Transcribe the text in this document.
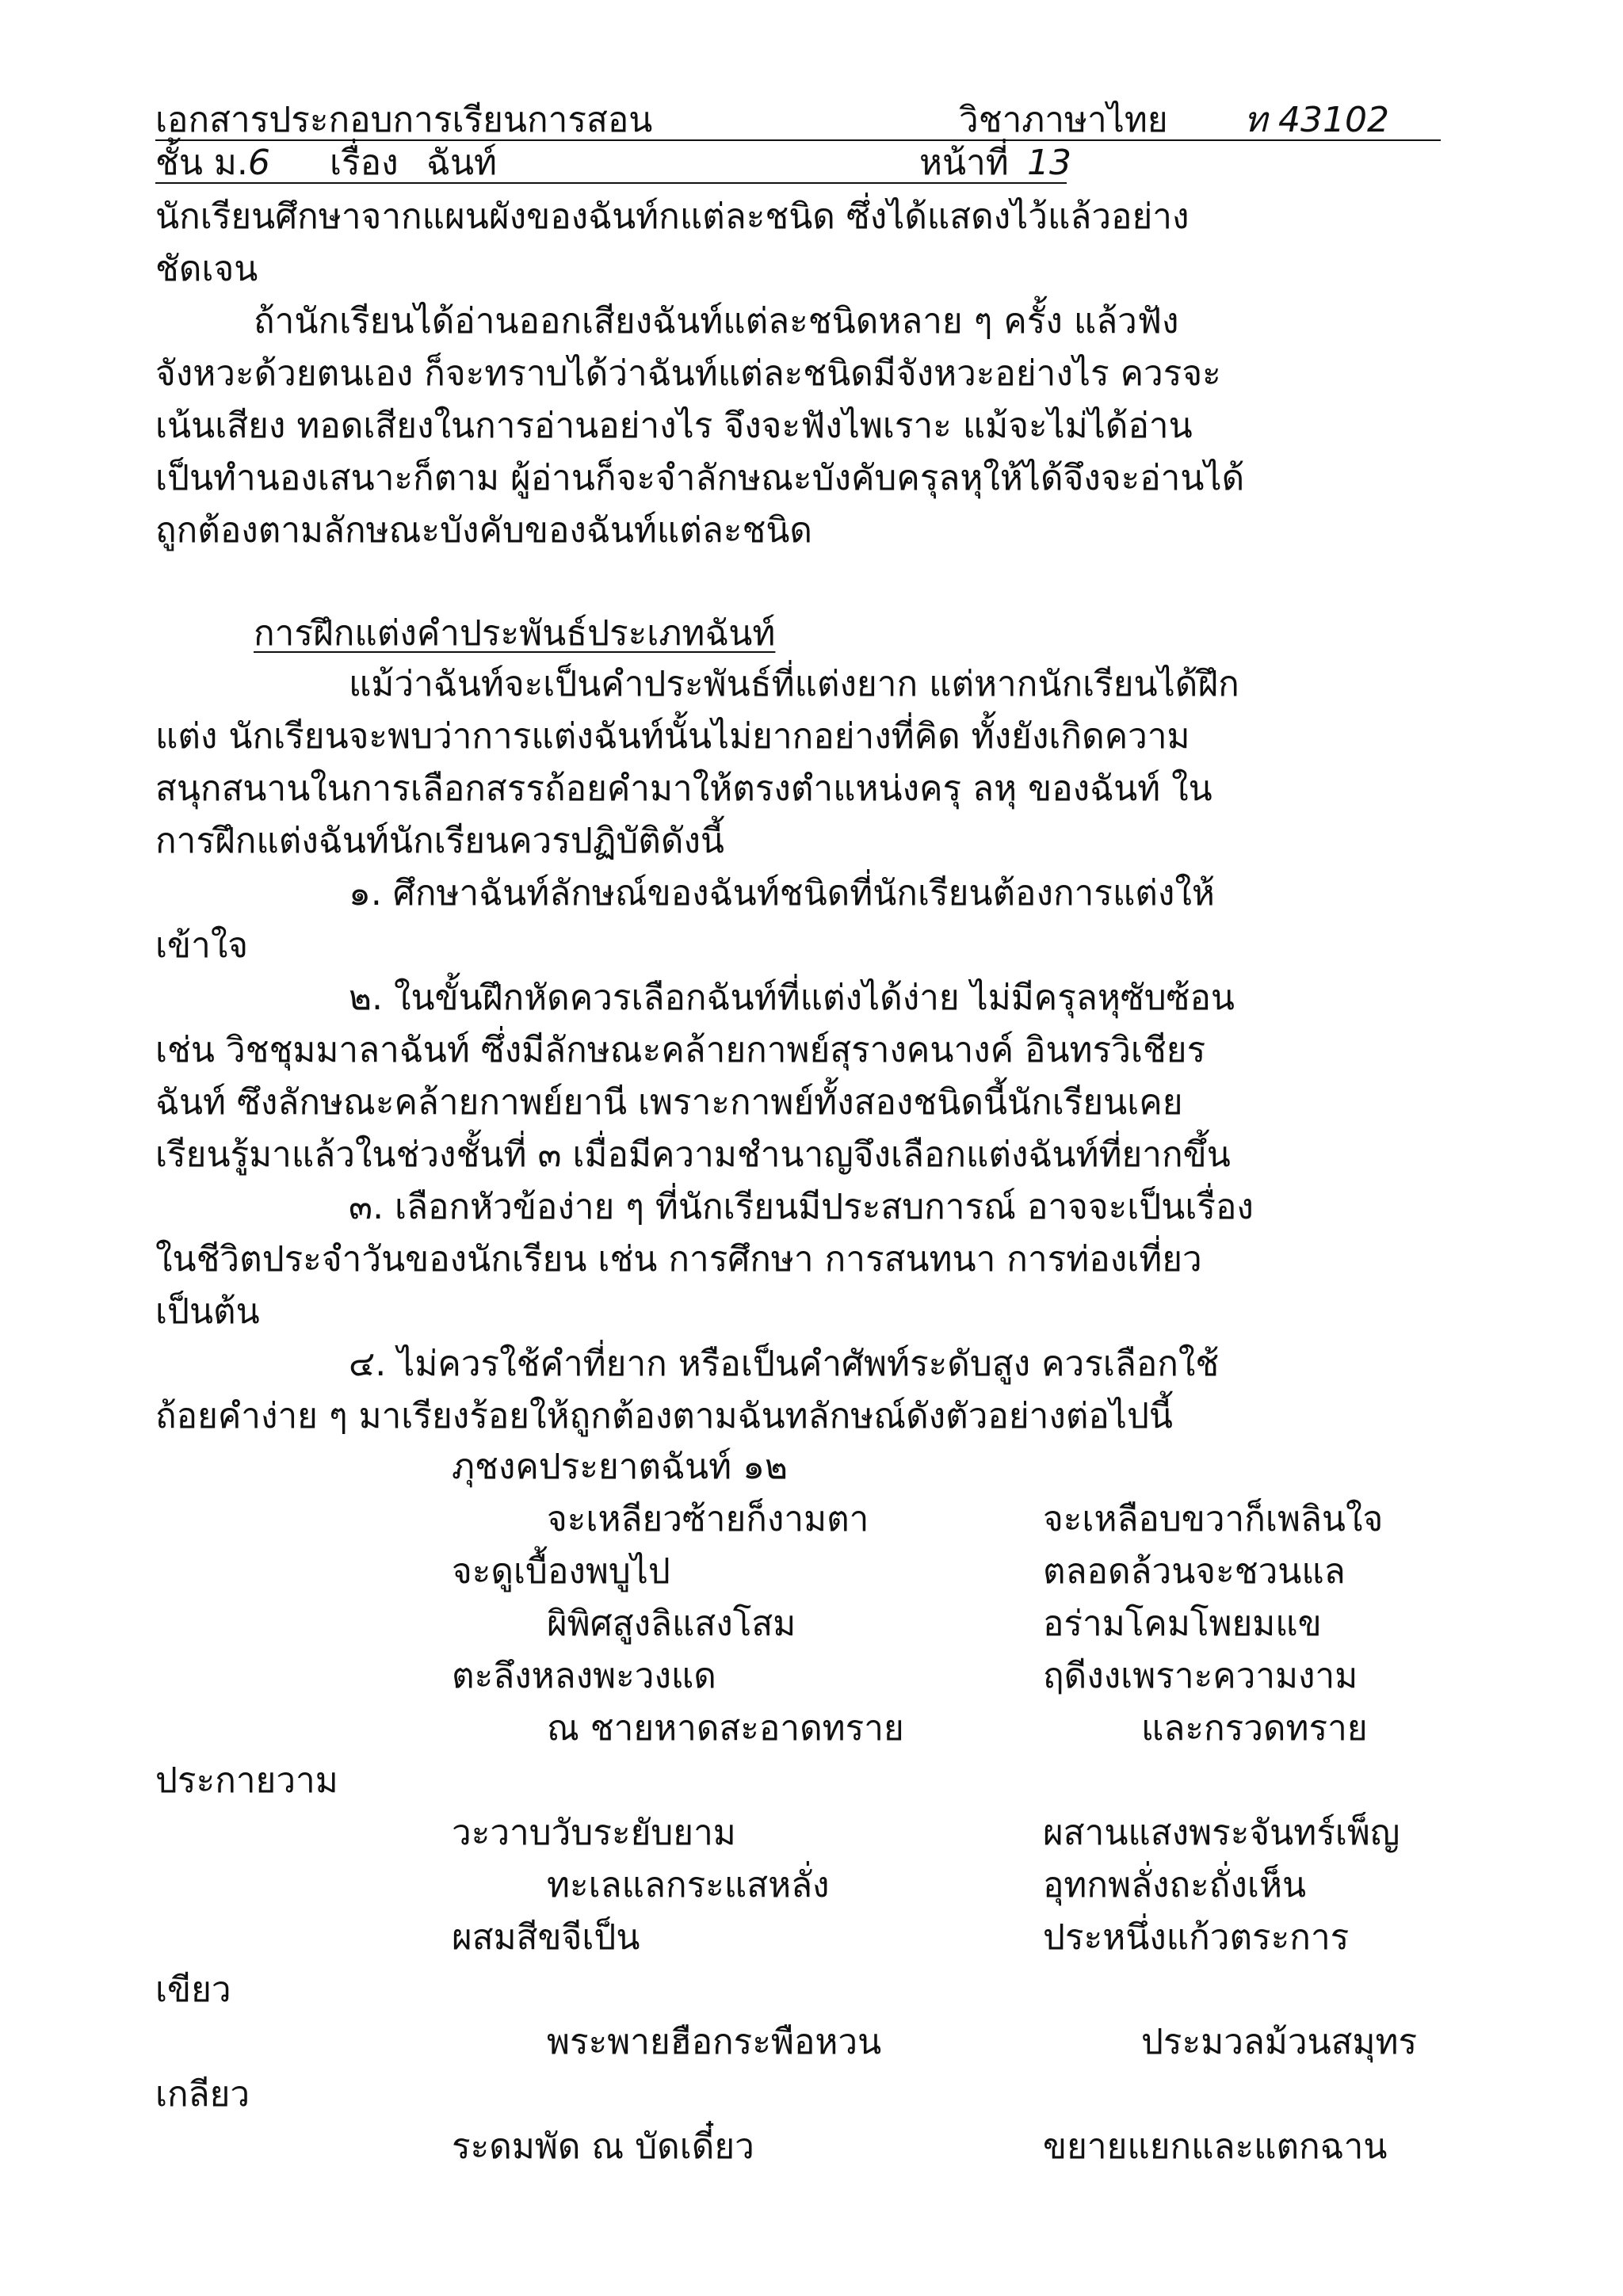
เอกสารประกอบการเรียนการสอน	วิชาภาษาไทย ท 43102
ชั้น ม.6 เรื่อง ฉันท์	หน้าที่ 13
นักเรียนศึกษาจากแผนผังของฉันท์กแต่ละชนิด ซึ่งได้แสดงไว้แล้วอย่าง
ชัดเจน
ถ้านักเรียนได้อ่านออกเสียงฉันท์แต่ละชนิดหลาย ๆ ครั้ง แล้วฟัง
จังหวะด้วยตนเอง ก็จะทราบได้ว่าฉันท์แต่ละชนิดมีจังหวะอย่างไร ควรจะ
เน้นเสียง ทอดเสียงในการอ่านอย่างไร จึงจะฟังไพเราะ แม้จะไม่ได้อ่าน
เป็นทำนองเสนาะก็ตาม ผู้อ่านก็จะจำลักษณะบังคับครุลหุให้ได้จึงจะอ่านได้
ถูกต้องตามลักษณะบังคับของฉันท์แต่ละชนิด
การฝึกแต่งคำประพันธ์ประเภทฉันท์
แม้ว่าฉันท์จะเป็นคำประพันธ์ที่แต่งยาก แต่หากนักเรียนได้ฝึก
แต่ง นักเรียนจะพบว่าการแต่งฉันท์นั้นไม่ยากอย่างที่คิด ทั้งยังเกิดความ
สนุกสนานในการเลือกสรรถ้อยคำมาให้ตรงตำแหน่งครุ ลหุ ของฉันท์ ใน
การฝึกแต่งฉันท์นักเรียนควรปฏิบัติดังนี้
๑. ศึกษาฉันท์ลักษณ์ของฉันท์ชนิดที่นักเรียนต้องการแต่งให้
เข้าใจ
๒. ในขั้นฝึกหัดควรเลือกฉันท์ที่แต่งได้ง่าย ไม่มีครุลหุซับซ้อน
เช่น วิชชุมมาลาฉันท์ ซึ่งมีลักษณะคล้ายกาพย์สุรางคนางค์ อินทรวิเชียร
ฉันท์ ซึงลักษณะคล้ายกาพย์ยานี เพราะกาพย์ทั้งสองชนิดนี้นักเรียนเคย
เรียนรู้มาแล้วในช่วงชั้นที่ ๓ เมื่อมีความชำนาญจึงเลือกแต่งฉันท์ที่ยากขึ้น
๓. เลือกหัวข้อง่าย ๆ ที่นักเรียนมีประสบการณ์ อาจจะเป็นเรื่อง
ในชีวิตประจำวันของนักเรียน เช่น การศึกษา การสนทนา การท่องเที่ยว
เป็นต้น
๔. ไม่ควรใช้คำที่ยาก หรือเป็นคำศัพท์ระดับสูง ควรเลือกใช้
ถ้อยคำง่าย ๆ มาเรียงร้อยให้ถูกต้องตามฉันทลักษณ์ดังตัวอย่างต่อไปนี้
ภุชงคประยาตฉันท์ ๑๒
จะเหลียวซ้ายก็งามตา	จะเหลือบขวาก็เพลินใจ
จะดูเบื้องพบูไป	ตลอดล้วนจะชวนแล
ผิพิศสูงลิแสงโสม	อร่ามโคมโพยมแข
ตะลึงหลงพะวงแด	ฤดีงงเพราะความงาม
ณ ชายหาดสะอาดทราย	และกรวดทราย
ประกายวาม
วะวาบวับระยับยาม	ผสานแสงพระจันทร์เพ็ญ
ทะเลแลกระแสหลั่ง	อุทกพลั่งถะถั่งเห็น
ผสมสีขจีเป็น	ประหนึ่งแก้วตระการ
เขียว
พระพายฮือกระพือหวน	ประมวลม้วนสมุทร
เกลียว
ระดมพัด ณ บัดเดี๋ยว	ขยายแยกและแตกฉาน
